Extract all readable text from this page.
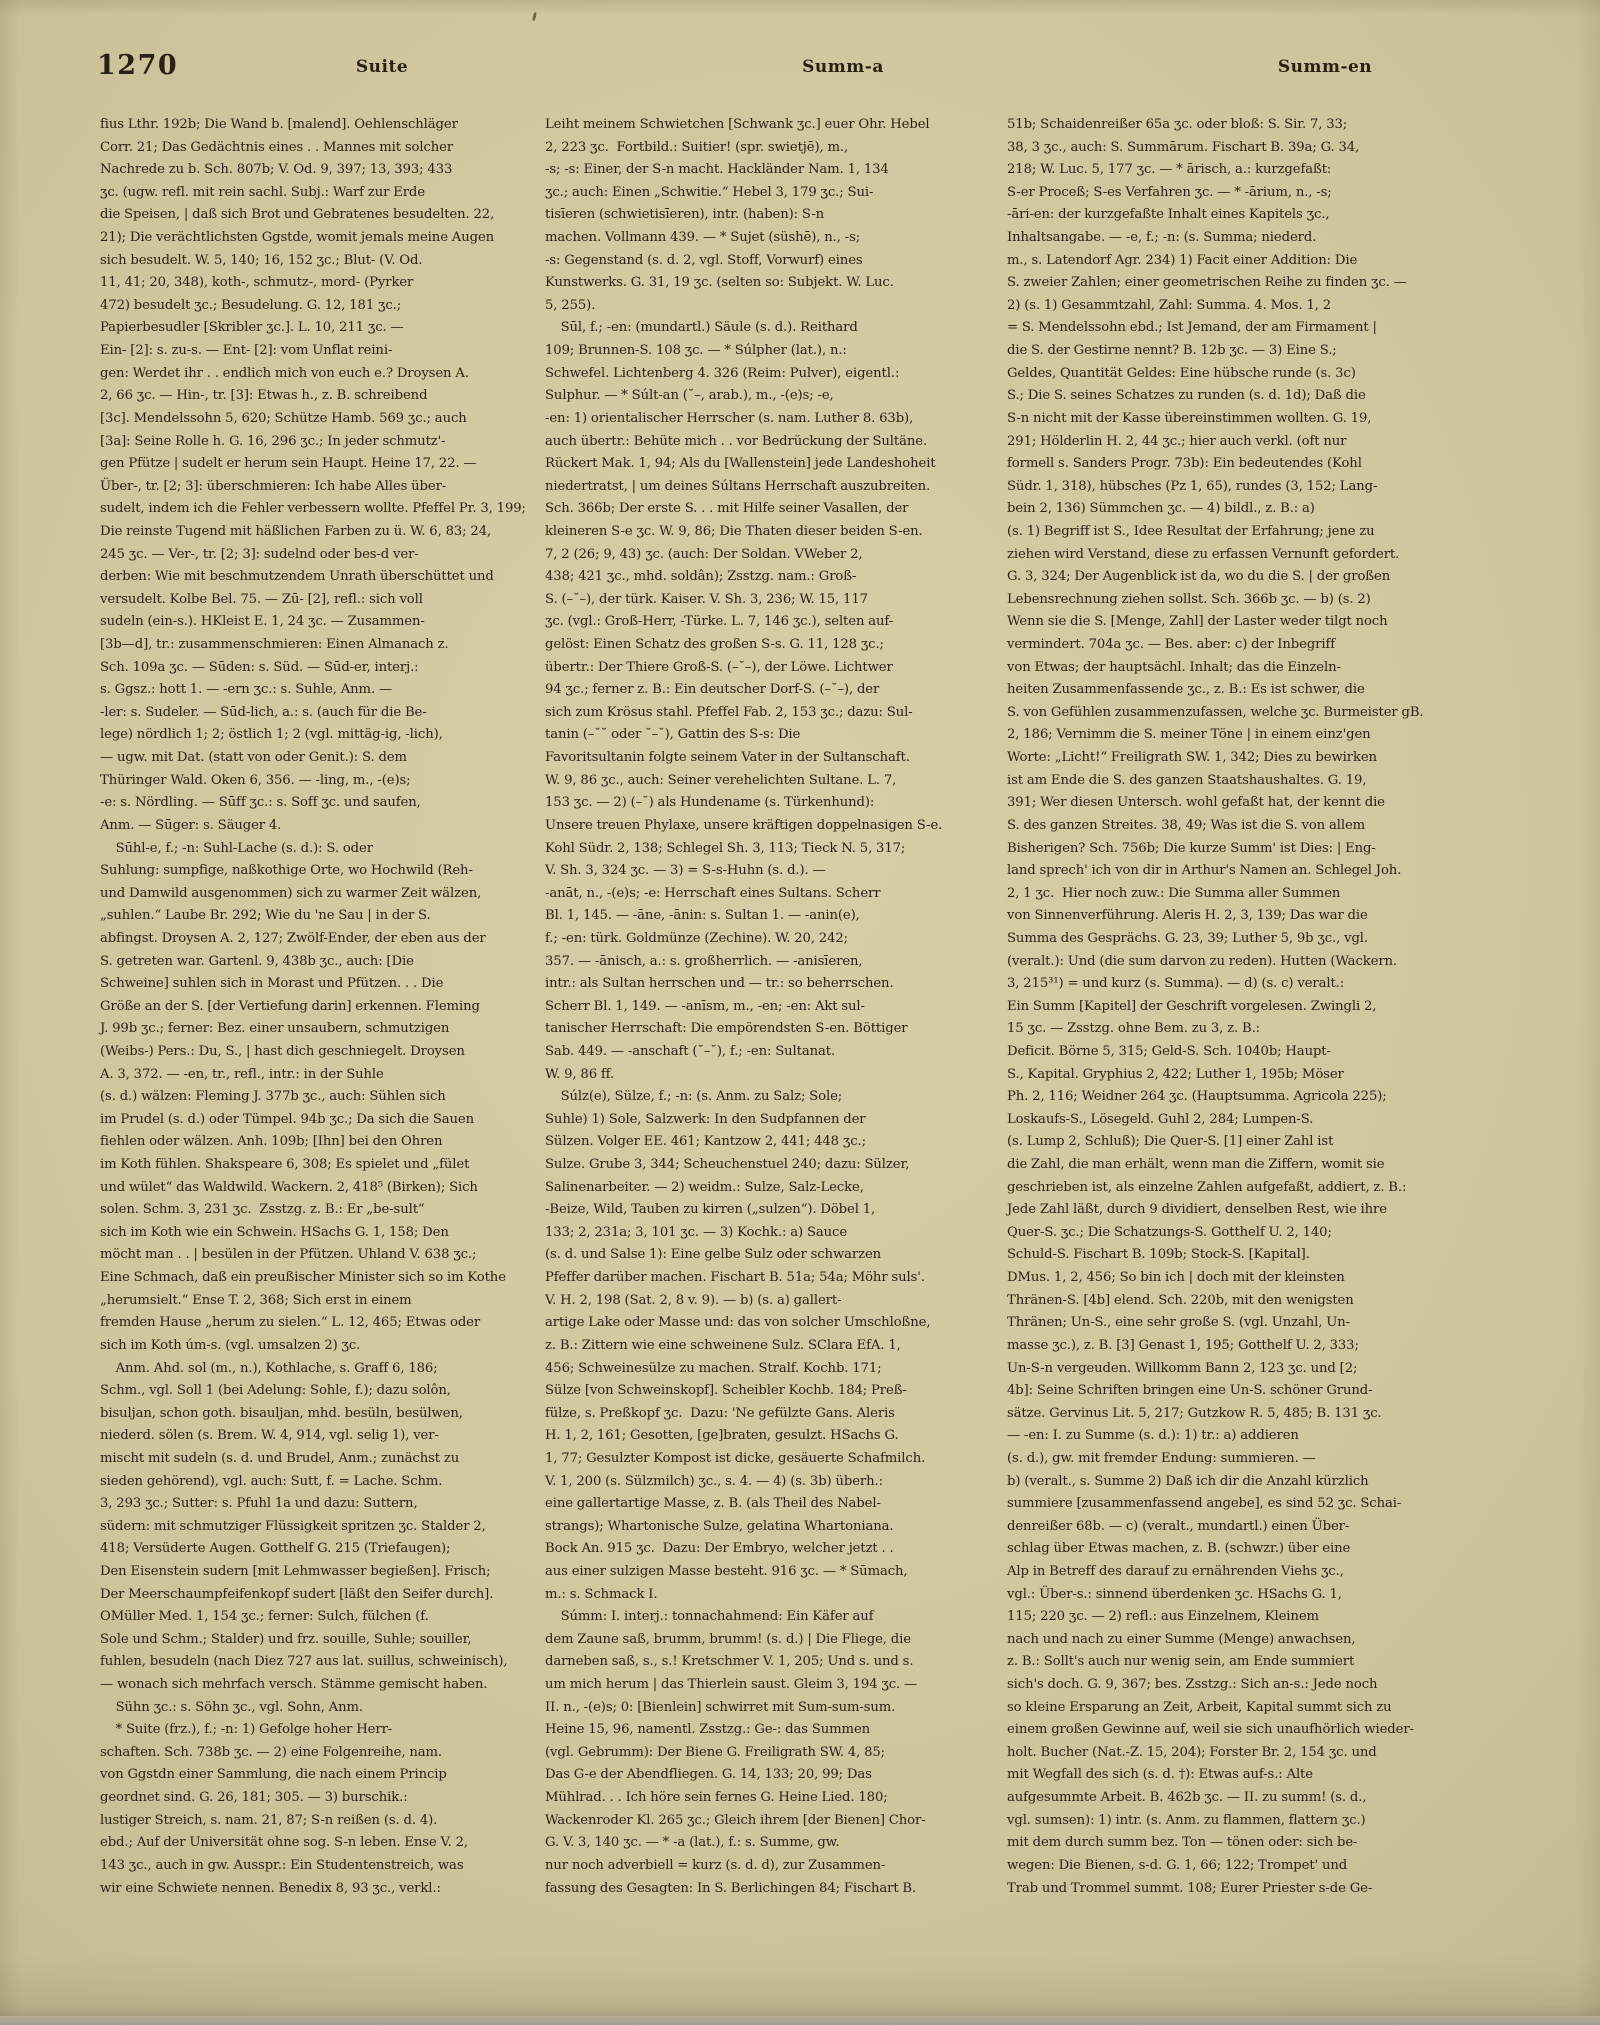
1270	Suite	Summ-a	Summ-en
fius Lthr. 192b; Die Wand b. [malend]. Oehlenschläger
Corr. 21; Das Gedächtnis eines . . Mannes mit solcher
Nachrede zu b. Sch. 807b; V. Od. 9, 397; 13, 393; 433
ʒc. (ugw. refl. mit rein sachl. Subj.: Warf zur Erde
die Speisen, | daß sich Brot und Gebratenes besudelten. 22,
21); Die verächtlichsten Ggstde, womit jemals meine Augen
sich besudelt. W. 5, 140; 16, 152 ʒc.; Blut- (V. Od.
11, 41; 20, 348), koth-, schmutz-, mord- (Pyrker
472) besudelt ʒc.; Besudelung. G. 12, 181 ʒc.;
Papierbesudler [Skribler ʒc.]. L. 10, 211 ʒc. —
Ein- [2]: s. zu-s. — Ent- [2]: vom Unflat reini-
gen: Werdet ihr . . endlich mich von euch e.? Droysen A.
2, 66 ʒc. — Hin-, tr. [3]: Etwas h., z. B. schreibend
[3c]. Mendelssohn 5, 620; Schütze Hamb. 569 ʒc.; auch
[3a]: Seine Rolle h. G. 16, 296 ʒc.; In jeder schmutz'-
gen Pfütze | sudelt er herum sein Haupt. Heine 17, 22. —
Über-, tr. [2; 3]: überschmieren: Ich habe Alles über-
sudelt, indem ich die Fehler verbessern wollte. Pfeffel Pr. 3, 199;
Die reinste Tugend mit häßlichen Farben zu ü. W. 6, 83; 24,
245 ʒc. — Ver-, tr. [2; 3]: sudelnd oder bes-d ver-
derben: Wie mit beschmutzendem Unrath überschüttet und
versudelt. Kolbe Bel. 75. — Zū- [2], refl.: sich voll
sudeln (ein-s.). HKleist E. 1, 24 ʒc. — Zusammen-
[3b—d], tr.: zusammenschmieren: Einen Almanach z.
Sch. 109a ʒc. — Sūden: s. Süd. — Sūd-er, interj.:
s. Ggsz.: hott 1. — -ern ʒc.: s. Suhle, Anm. —
-ler: s. Sudeler. — Sūd-lich, a.: s. (auch für die Be-
lege) nördlich 1; 2; östlich 1; 2 (vgl. mittäg-ig, -lich),
— ugw. mit Dat. (statt von oder Genit.): S. dem
Thüringer Wald. Oken 6, 356. — -ling, m., -(e)s;
-e: s. Nördling. — Sūff ʒc.: s. Soff ʒc. und saufen,
Anm. — Sūger: s. Säuger 4.
Sūhl-e, f.; -n: Suhl-Lache (s. d.): S. oder
Suhlung: sumpfige, naßkothige Orte, wo Hochwild (Reh-
und Damwild ausgenommen) sich zu warmer Zeit wälzen,
„suhlen.“ Laube Br. 292; Wie du 'ne Sau | in der S.
abfingst. Droysen A. 2, 127; Zwölf-Ender, der eben aus der
S. getreten war. Gartenl. 9, 438b ʒc., auch: [Die
Schweine] suhlen sich in Morast und Pfützen. . . Die
Größe an der S. [der Vertiefung darin] erkennen. Fleming
J. 99b ʒc.; ferner: Bez. einer unsaubern, schmutzigen
(Weibs-) Pers.: Du, S., | hast dich geschniegelt. Droysen
A. 3, 372. — -en, tr., refl., intr.: in der Suhle
(s. d.) wälzen: Fleming J. 377b ʒc., auch: Sühlen sich
im Prudel (s. d.) oder Tümpel. 94b ʒc.; Da sich die Sauen
fiehlen oder wälzen. Anh. 109b; [Ihn] bei den Ohren
im Koth fühlen. Shakspeare 6, 308; Es spielet und „fület
und wület“ das Waldwild. Wackern. 2, 418⁵ (Birken); Sich
solen. Schm. 3, 231 ʒc.  Zsstzg. z. B.: Er „be-sult“
sich im Koth wie ein Schwein. HSachs G. 1, 158; Den
möcht man . . | besülen in der Pfützen. Uhland V. 638 ʒc.;
Eine Schmach, daß ein preußischer Minister sich so im Kothe
„herumsielt.“ Ense T. 2, 368; Sich erst in einem
fremden Hause „herum zu sielen.“ L. 12, 465; Etwas oder
sich im Koth úm-s. (vgl. umsalzen 2) ʒc.
Anm. Ahd. sol (m., n.), Kothlache, s. Graff 6, 186;
Schm., vgl. Soll 1 (bei Adelung: Sohle, f.); dazu solôn,
bisuljan, schon goth. bisauljan, mhd. besüln, besülwen,
niederd. sölen (s. Brem. W. 4, 914, vgl. selig 1), ver-
mischt mit sudeln (s. d. und Brudel, Anm.; zunächst zu
sieden gehörend), vgl. auch: Sutt, f. = Lache. Schm.
3, 293 ʒc.; Sutter: s. Pfuhl 1a und dazu: Suttern,
südern: mit schmutziger Flüssigkeit spritzen ʒc. Stalder 2,
418; Versüderte Augen. Gotthelf G. 215 (Triefaugen);
Den Eisenstein sudern [mit Lehmwasser begießen]. Frisch;
Der Meerschaumpfeifenkopf sudert [läßt den Seifer durch].
OMüller Med. 1, 154 ʒc.; ferner: Sulch, fülchen (f.
Sole und Schm.; Stalder) und frz. souille, Suhle; souiller,
fuhlen, besudeln (nach Diez 727 aus lat. suillus, schweinisch),
— wonach sich mehrfach versch. Stämme gemischt haben.
Sühn ʒc.: s. Söhn ʒc., vgl. Sohn, Anm.
* Suite (frz.), f.; -n: 1) Gefolge hoher Herr-
schaften. Sch. 738b ʒc. — 2) eine Folgenreihe, nam.
von Ggstdn einer Sammlung, die nach einem Princip
geordnet sind. G. 26, 181; 305. — 3) burschik.:
lustiger Streich, s. nam. 21, 87; S-n reißen (s. d. 4).
ebd.; Auf der Universität ohne sog. S-n leben. Ense V. 2,
143 ʒc., auch in gw. Ausspr.: Ein Studentenstreich, was
wir eine Schwiete nennen. Benedix 8, 93 ʒc., verkl.:
Leiht meinem Schwietchen [Schwank ʒc.] euer Ohr. Hebel
2, 223 ʒc.  Fortbild.: Suitier! (spr. swietjē), m.,
-s; -s: Einer, der S-n macht. Hackländer Nam. 1, 134
ʒc.; auch: Einen „Schwitie.“ Hebel 3, 179 ʒc.; Sui-
tisīeren (schwietisīeren), intr. (haben): S-n
machen. Vollmann 439. — * Sujet (süshē), n., -s;
-s: Gegenstand (s. d. 2, vgl. Stoff, Vorwurf) eines
Kunstwerks. G. 31, 19 ʒc. (selten so: Subjekt. W. Luc.
5, 255).
Sūl, f.; -en: (mundartl.) Säule (s. d.). Reithard
109; Brunnen-S. 108 ʒc. — * Súlpher (lat.), n.:
Schwefel. Lichtenberg 4. 326 (Reim: Pulver), eigentl.:
Sulphur. — * Súlt-an (˘–, arab.), m., -(e)s; -e,
-en: 1) orientalischer Herrscher (s. nam. Luther 8. 63b),
auch übertr.: Behüte mich . . vor Bedrückung der Sultäne.
Rückert Mak. 1, 94; Als du [Wallenstein] jede Landeshoheit
niedertratst, | um deines Súltans Herrschaft auszubreiten.
Sch. 366b; Der erste S. . . mit Hilfe seiner Vasallen, der
kleineren S-e ʒc. W. 9, 86; Die Thaten dieser beiden S-en.
7, 2 (26; 9, 43) ʒc. (auch: Der Soldan. VWeber 2,
438; 421 ʒc., mhd. soldân); Zsstzg. nam.: Groß-
S. (–˘–), der türk. Kaiser. V. Sh. 3, 236; W. 15, 117
ʒc. (vgl.: Groß-Herr, -Türke. L. 7, 146 ʒc.), selten auf-
gelöst: Einen Schatz des großen S-s. G. 11, 128 ʒc.;
übertr.: Der Thiere Groß-S. (–˘–), der Löwe. Lichtwer
94 ʒc.; ferner z. B.: Ein deutscher Dorf-S. (–˘–), der
sich zum Krösus stahl. Pfeffel Fab. 2, 153 ʒc.; dazu: Sul-
tanin (–˘˘ oder ˘–˘), Gattin des S-s: Die
Favoritsultanin folgte seinem Vater in der Sultanschaft.
W. 9, 86 ʒc., auch: Seiner verehelichten Sultane. L. 7,
153 ʒc. — 2) (–˘) als Hundename (s. Türkenhund):
Unsere treuen Phylaxe, unsere kräftigen doppelnasigen S-e.
Kohl Südr. 2, 138; Schlegel Sh. 3, 113; Tieck N. 5, 317;
V. Sh. 3, 324 ʒc. — 3) = S-s-Huhn (s. d.). —
-anāt, n., -(e)s; -e: Herrschaft eines Sultans. Scherr
Bl. 1, 145. — -āne, -ānin: s. Sultan 1. — -anin(e),
f.; -en: türk. Goldmünze (Zechine). W. 20, 242;
357. — -ānisch, a.: s. großherrlich. — -anisīeren,
intr.: als Sultan herrschen und — tr.: so beherrschen.
Scherr Bl. 1, 149. — -anīsm, m., -en; -en: Akt sul-
tanischer Herrschaft: Die empörendsten S-en. Böttiger
Sab. 449. — -anschaft (˘–˘), f.; -en: Sultanat.
W. 9, 86 ff.
Súlz(e), Sülze, f.; -n: (s. Anm. zu Salz; Sole;
Suhle) 1) Sole, Salzwerk: In den Sudpfannen der
Sülzen. Volger EE. 461; Kantzow 2, 441; 448 ʒc.;
Sulze. Grube 3, 344; Scheuchenstuel 240; dazu: Sülzer,
Salinenarbeiter. — 2) weidm.: Sulze, Salz-Lecke,
-Beize, Wild, Tauben zu kirren („sulzen“). Döbel 1,
133; 2, 231a; 3, 101 ʒc. — 3) Kochk.: a) Sauce
(s. d. und Salse 1): Eine gelbe Sulz oder schwarzen
Pfeffer darüber machen. Fischart B. 51a; 54a; Möhr suls'.
V. H. 2, 198 (Sat. 2, 8 v. 9). — b) (s. a) gallert-
artige Lake oder Masse und: das von solcher Umschloßne,
z. B.: Zittern wie eine schweinene Sulz. SClara EfA. 1,
456; Schweinesülze zu machen. Stralf. Kochb. 171;
Sülze [von Schweinskopf]. Scheibler Kochb. 184; Preß-
fülze, s. Preßkopf ʒc.  Dazu: 'Ne gefülzte Gans. Aleris
H. 1, 2, 161; Gesotten, [ge]braten, gesulzt. HSachs G.
1, 77; Gesulzter Kompost ist dicke, gesäuerte Schafmilch.
V. 1, 200 (s. Sülzmilch) ʒc., s. 4. — 4) (s. 3b) überh.:
eine gallertartige Masse, z. B. (als Theil des Nabel-
strangs); Whartonische Sulze, gelatina Whartoniana.
Bock An. 915 ʒc.  Dazu: Der Embryo, welcher jetzt . .
aus einer sulzigen Masse besteht. 916 ʒc. — * Sūmach,
m.: s. Schmack I.
Súmm: I. interj.: tonnachahmend: Ein Käfer auf
dem Zaune saß, brumm, brumm! (s. d.) | Die Fliege, die
darneben saß, s., s.! Kretschmer V. 1, 205; Und s. und s.
um mich herum | das Thierlein saust. Gleim 3, 194 ʒc. —
II. n., -(e)s; 0: [Bienlein] schwirret mit Sum-sum-sum.
Heine 15, 96, namentl. Zsstzg.: Ge-: das Summen
(vgl. Gebrumm): Der Biene G. Freiligrath SW. 4, 85;
Das G-e der Abendfliegen. G. 14, 133; 20, 99; Das
Mühlrad. . . Ich höre sein fernes G. Heine Lied. 180;
Wackenroder Kl. 265 ʒc.; Gleich ihrem [der Bienen] Chor-
G. V. 3, 140 ʒc. — * -a (lat.), f.: s. Summe, gw.
nur noch adverbiell = kurz (s. d. d), zur Zusammen-
fassung des Gesagten: In S. Berlichingen 84; Fischart B.
51b; Schaidenreißer 65a ʒc. oder bloß: S. Sir. 7, 33;
38, 3 ʒc., auch: S. Summārum. Fischart B. 39a; G. 34,
218; W. Luc. 5, 177 ʒc. — * ārisch, a.: kurzgefaßt:
S-er Proceß; S-es Verfahren ʒc. — * -ārium, n., -s;
-āri-en: der kurzgefaßte Inhalt eines Kapitels ʒc.,
Inhaltsangabe. — -e, f.; -n: (s. Summa; niederd.
m., s. Latendorf Agr. 234) 1) Facit einer Addition: Die
S. zweier Zahlen; einer geometrischen Reihe zu finden ʒc. —
2) (s. 1) Gesammtzahl, Zahl: Summa. 4. Mos. 1, 2
= S. Mendelssohn ebd.; Ist Jemand, der am Firmament |
die S. der Gestirne nennt? B. 12b ʒc. — 3) Eine S.;
Geldes, Quantität Geldes: Eine hübsche runde (s. 3c)
S.; Die S. seines Schatzes zu runden (s. d. 1d); Daß die
S-n nicht mit der Kasse übereinstimmen wollten. G. 19,
291; Hölderlin H. 2, 44 ʒc.; hier auch verkl. (oft nur
formell s. Sanders Progr. 73b): Ein bedeutendes (Kohl
Südr. 1, 318), hübsches (Pz 1, 65), rundes (3, 152; Lang-
bein 2, 136) Sümmchen ʒc. — 4) bildl., z. B.: a)
(s. 1) Begriff ist S., Idee Resultat der Erfahrung; jene zu
ziehen wird Verstand, diese zu erfassen Vernunft gefordert.
G. 3, 324; Der Augenblick ist da, wo du die S. | der großen
Lebensrechnung ziehen sollst. Sch. 366b ʒc. — b) (s. 2)
Wenn sie die S. [Menge, Zahl] der Laster weder tilgt noch
vermindert. 704a ʒc. — Bes. aber: c) der Inbegriff
von Etwas; der hauptsächl. Inhalt; das die Einzeln-
heiten Zusammenfassende ʒc., z. B.: Es ist schwer, die
S. von Gefühlen zusammenzufassen, welche ʒc. Burmeister gB.
2, 186; Vernimm die S. meiner Töne | in einem einz'gen
Worte: „Licht!“ Freiligrath SW. 1, 342; Dies zu bewirken
ist am Ende die S. des ganzen Staatshaushaltes. G. 19,
391; Wer diesen Untersch. wohl gefaßt hat, der kennt die
S. des ganzen Streites. 38, 49; Was ist die S. von allem
Bisherigen? Sch. 756b; Die kurze Summ' ist Dies: | Eng-
land sprech' ich von dir in Arthur's Namen an. Schlegel Joh.
2, 1 ʒc.  Hier noch zuw.: Die Summa aller Summen
von Sinnenverführung. Aleris H. 2, 3, 139; Das war die
Summa des Gesprächs. G. 23, 39; Luther 5, 9b ʒc., vgl.
(veralt.): Und (die sum darvon zu reden). Hutten (Wackern.
3, 215³¹) = und kurz (s. Summa). — d) (s. c) veralt.:
Ein Summ [Kapitel] der Geschrift vorgelesen. Zwingli 2,
15 ʒc. — Zsstzg. ohne Bem. zu 3, z. B.:
Deficit. Börne 5, 315; Geld-S. Sch. 1040b; Haupt-
S., Kapital. Gryphius 2, 422; Luther 1, 195b; Möser
Ph. 2, 116; Weidner 264 ʒc. (Hauptsumma. Agricola 225);
Loskaufs-S., Lösegeld. Guhl 2, 284; Lumpen-S.
(s. Lump 2, Schluß); Die Quer-S. [1] einer Zahl ist
die Zahl, die man erhält, wenn man die Ziffern, womit sie
geschrieben ist, als einzelne Zahlen aufgefaßt, addiert, z. B.:
Jede Zahl läßt, durch 9 dividiert, denselben Rest, wie ihre
Quer-S. ʒc.; Die Schatzungs-S. Gotthelf U. 2, 140;
Schuld-S. Fischart B. 109b; Stock-S. [Kapital].
DMus. 1, 2, 456; So bin ich | doch mit der kleinsten
Thränen-S. [4b] elend. Sch. 220b, mit den wenigsten
Thränen; Un-S., eine sehr große S. (vgl. Unzahl, Un-
masse ʒc.), z. B. [3] Genast 1, 195; Gotthelf U. 2, 333;
Un-S-n vergeuden. Willkomm Bann 2, 123 ʒc. und [2;
4b]: Seine Schriften bringen eine Un-S. schöner Grund-
sätze. Gervinus Lit. 5, 217; Gutzkow R. 5, 485; B. 131 ʒc.
— -en: I. zu Summe (s. d.): 1) tr.: a) addieren
(s. d.), gw. mit fremder Endung: summieren. —
b) (veralt., s. Summe 2) Daß ich dir die Anzahl kürzlich
summiere [zusammenfassend angebe], es sind 52 ʒc. Schai-
denreißer 68b. — c) (veralt., mundartl.) einen Über-
schlag über Etwas machen, z. B. (schwzr.) über eine
Alp in Betreff des darauf zu ernährenden Viehs ʒc.,
vgl.: Über-s.: sinnend überdenken ʒc. HSachs G. 1,
115; 220 ʒc. — 2) refl.: aus Einzelnem, Kleinem
nach und nach zu einer Summe (Menge) anwachsen,
z. B.: Sollt's auch nur wenig sein, am Ende summiert
sich's doch. G. 9, 367; bes. Zsstzg.: Sich an-s.: Jede noch
so kleine Ersparung an Zeit, Arbeit, Kapital summt sich zu
einem großen Gewinne auf, weil sie sich unaufhörlich wieder-
holt. Bucher (Nat.-Z. 15, 204); Forster Br. 2, 154 ʒc. und
mit Wegfall des sich (s. d. †): Etwas auf-s.: Alte
aufgesummte Arbeit. B. 462b ʒc. — II. zu summ! (s. d.,
vgl. sumsen): 1) intr. (s. Anm. zu flammen, flattern ʒc.)
mit dem durch summ bez. Ton — tönen oder: sich be-
wegen: Die Bienen, s-d. G. 1, 66; 122; Trompet' und
Trab und Trommel summt. 108; Eurer Priester s-de Ge-
